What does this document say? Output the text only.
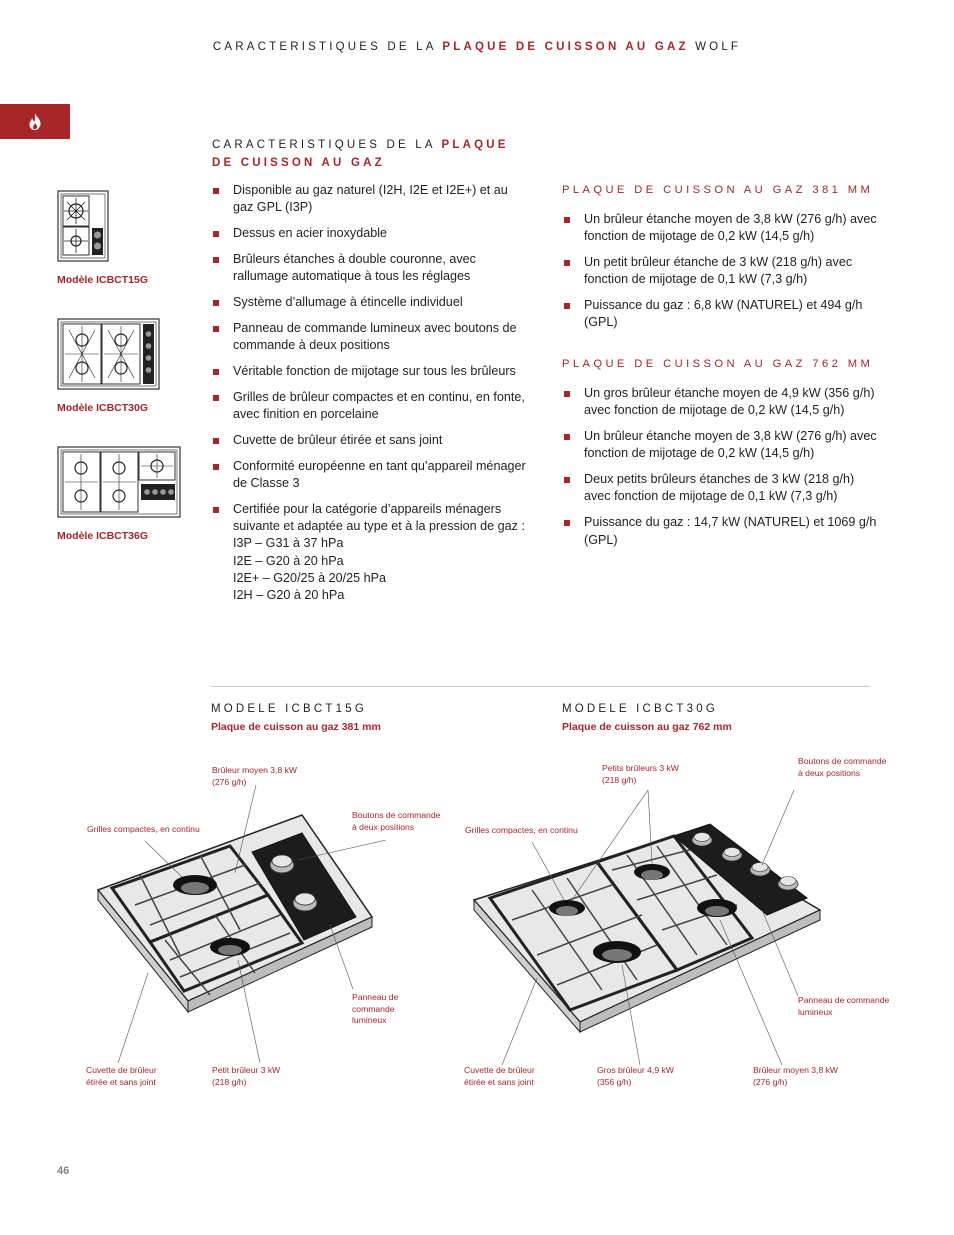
CARACTERISTIQUES DE LA PLAQUE DE CUISSON AU GAZ WOLF
Modèle ICBCT15G
Modèle ICBCT30G
Modèle ICBCT36G
CARACTERISTIQUES DE LA PLAQUE
DE CUISSON AU GAZ
Disponible au gaz naturel (I2H, I2E et I2E+) et au gaz GPL (I3P)
Dessus en acier inoxydable
Brûleurs étanches à double couronne, avec rallumage automatique à tous les réglages
Système d’allumage à étincelle individuel
Panneau de commande lumineux avec boutons de commande à deux positions
Véritable fonction de mijotage sur tous les brûleurs
Grilles de brûleur compactes et en continu, en fonte, avec finition en porcelaine
Cuvette de brûleur étirée et sans joint
Conformité européenne en tant qu’appareil ménager de Classe 3
Certifiée pour la catégorie d’appareils ménagers suivante et adaptée au type et à la pression de gaz :
I3P – G31 à 37 hPa
I2E – G20 à 20 hPa
I2E+ – G20/25 à 20/25 hPa
I2H – G20 à 20 hPa
PLAQUE DE CUISSON AU GAZ 381 MM
Un brûleur étanche moyen de 3,8 kW (276 g/h) avec fonction de mijotage de 0,2 kW (14,5 g/h)
Un petit brûleur étanche de 3 kW (218 g/h) avec fonction de mijotage de 0,1 kW (7,3 g/h)
Puissance du gaz : 6,8 kW (NATUREL) et 494 g/h (GPL)
PLAQUE DE CUISSON AU GAZ 762 MM
Un gros brûleur étanche moyen de 4,9 kW (356 g/h) avec fonction de mijotage de 0,2 kW (14,5 g/h)
Un brûleur étanche moyen de 3,8 kW (276 g/h) avec fonction de mijotage de 0,2 kW (14,5 g/h)
Deux petits brûleurs étanches de 3 kW (218 g/h) avec fonction de mijotage de 0,1 kW (7,3 g/h)
Puissance du gaz : 14,7 kW (NATUREL) et 1069 g/h (GPL)
MODELE ICBCT15G
Plaque de cuisson au gaz 381 mm
MODELE ICBCT30G
Plaque de cuisson au gaz 762 mm
Brûleur moyen 3,8 kW
(276 g/h)
Grilles compactes, en continu
Boutons de commande
à deux positions
Panneau de
commande
lumineux
Cuvette de brûleur
étirée et sans joint
Petit brûleur 3 kW
(218 g/h)
Petits brûleurs 3 kW
(218 g/h)
Boutons de commande
à deux positions
Grilles compactes, en continu
Panneau de commande
lumineux
Cuvette de brûleur
étirée et sans joint
Gros brûleur 4,9 kW
(356 g/h)
Brûleur moyen 3,8 kW
(276 g/h)
46
